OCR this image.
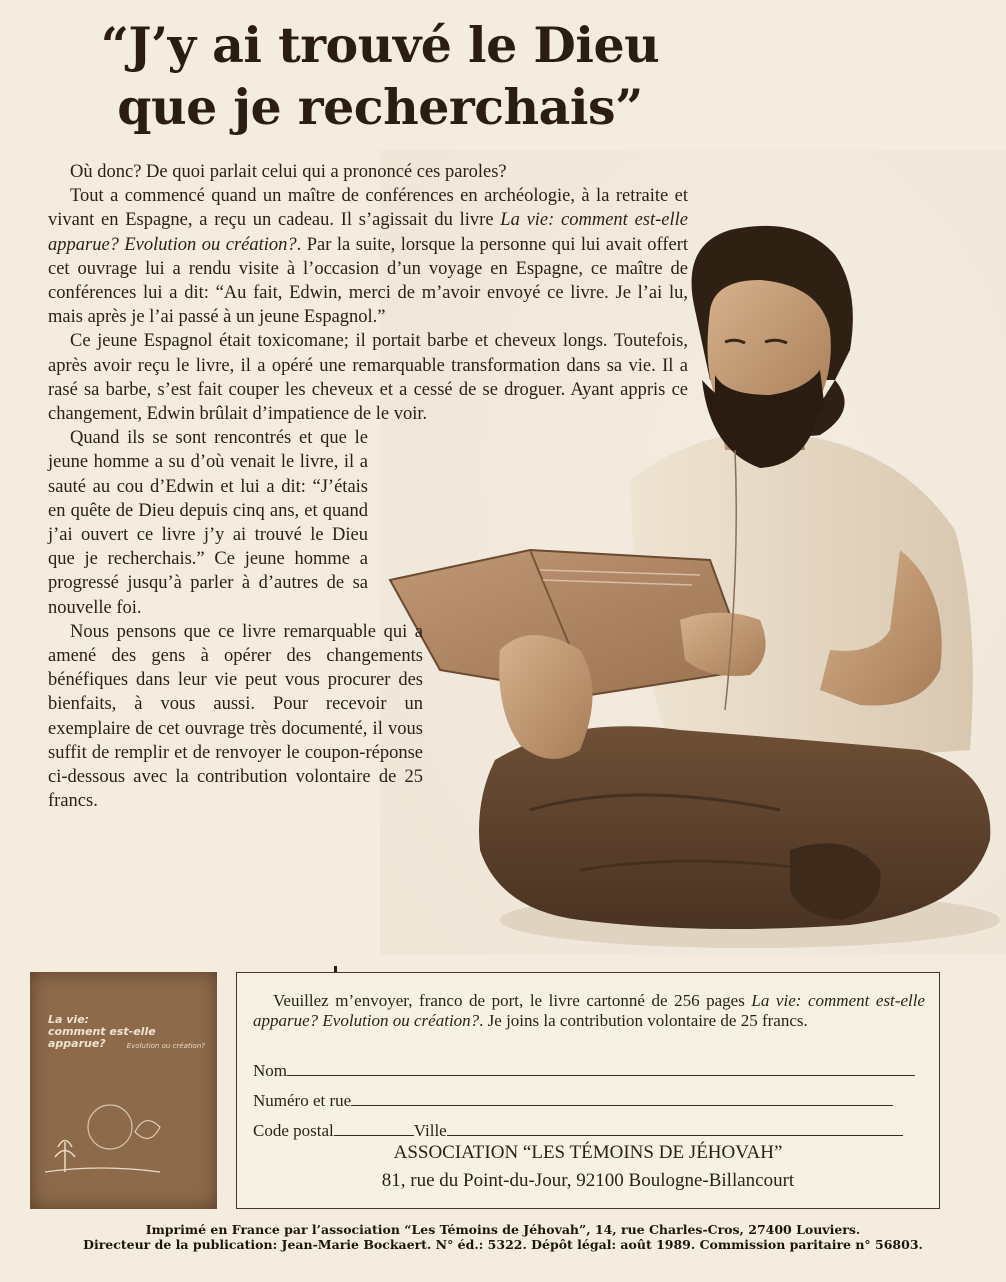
“J’y ai trouvé le Dieu
que je recherchais”

Où donc? De quoi parlait celui qui a prononcé ces paroles?

Tout a commencé quand un maître de conférences en archéologie, à la retraite et vivant en Espagne, a reçu un cadeau. Il s’agissait du livre La vie: comment est-elle apparue? Evolution ou création?. Par la suite, lorsque la personne qui lui avait offert cet ouvrage lui a rendu visite à l’occasion d’un voyage en Espagne, ce maître de conférences lui a dit: “Au fait, Edwin, merci de m’avoir envoyé ce livre. Je l’ai lu, mais après je l’ai passé à un jeune Espagnol.”

Ce jeune Espagnol était toxicomane; il portait barbe et cheveux longs. Toutefois, après avoir reçu le livre, il a opéré une remarquable transformation dans sa vie. Il a rasé sa barbe, s’est fait couper les cheveux et a cessé de se droguer. Ayant appris ce changement, Edwin brûlait d’impatience de le voir.

Quand ils se sont rencontrés et que le jeune homme a su d’où venait le livre, il a sauté au cou d’Edwin et lui a dit: “J’étais en quête de Dieu depuis cinq ans, et quand j’ai ouvert ce livre j’y ai trouvé le Dieu que je recherchais.” Ce jeune homme a progressé jusqu’à parler à d’autres de sa nouvelle foi.

Nous pensons que ce livre remarquable qui a amené des gens à opérer des changements bénéfiques dans leur vie peut vous procurer des bienfaits, à vous aussi. Pour recevoir un exemplaire de cet ouvrage très documenté, il vous suffit de remplir et de renvoyer le coupon-réponse ci-dessous avec la contribution volontaire de 25 francs.

La vie:
comment est-elle apparue?	Evolution ou création?

Veuillez m’envoyer, franco de port, le livre cartonné de 256 pages La vie: comment est-elle apparue? Evolution ou création?. Je joins la contribution volontaire de 25 francs.

Nom
Numéro et rue
Code postal	Ville
ASSOCIATION “LES TÉMOINS DE JÉHOVAH”
81, rue du Point-du-Jour, 92100 Boulogne-Billancourt
Imprimé en France par l’association “Les Témoins de Jéhovah”, 14, rue Charles-Cros, 27400 Louviers.
Directeur de la publication: Jean-Marie Bockaert. N° éd.: 5322. Dépôt légal: août 1989. Commission paritaire n° 56803.
